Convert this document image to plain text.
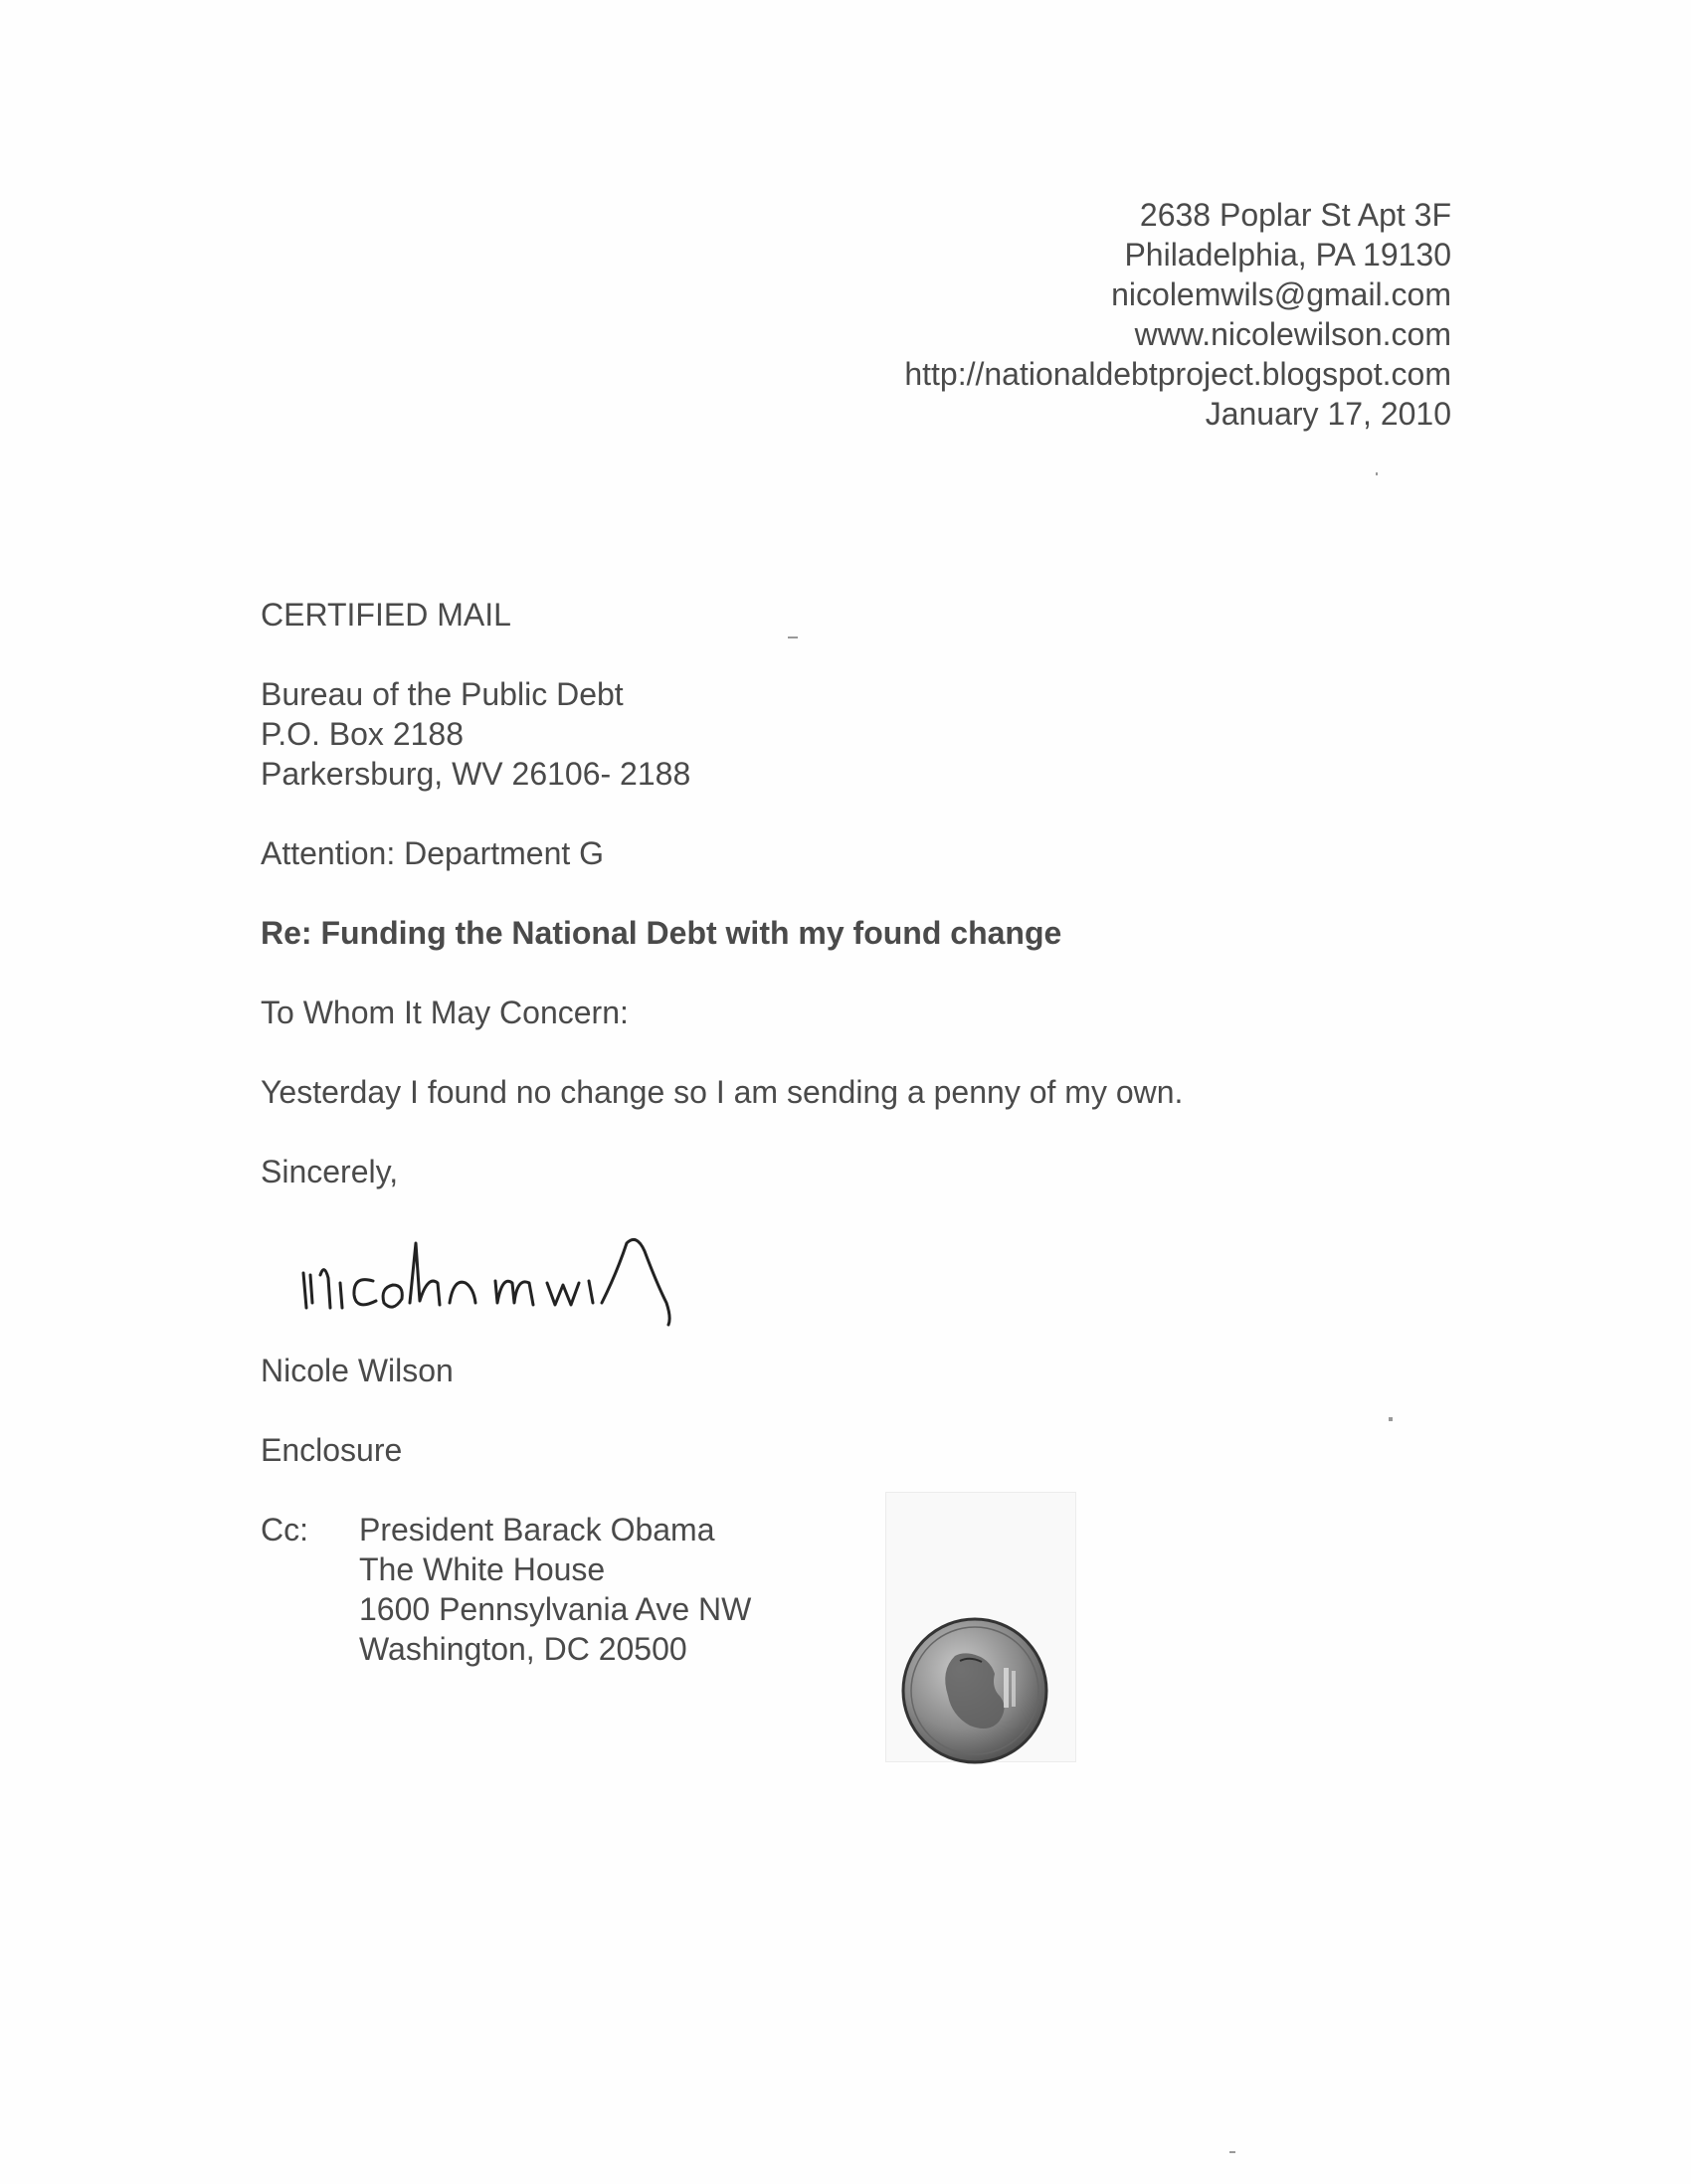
2638 Poplar St Apt 3F
Philadelphia, PA 19130
nicolemwils@gmail.com
www.nicolewilson.com
http://nationaldebtproject.blogspot.com
January 17, 2010
CERTIFIED MAIL
Bureau of the Public Debt
P.O. Box 2188
Parkersburg, WV 26106- 2188
Attention: Department G
Re: Funding the National Debt with my found change
To Whom It May Concern:
Yesterday I found no change so I am sending a penny of my own.
Sincerely,
Nicole Wilson
Enclosure
Cc:	President Barack Obama
The White House
1600 Pennsylvania Ave NW
Washington, DC 20500
